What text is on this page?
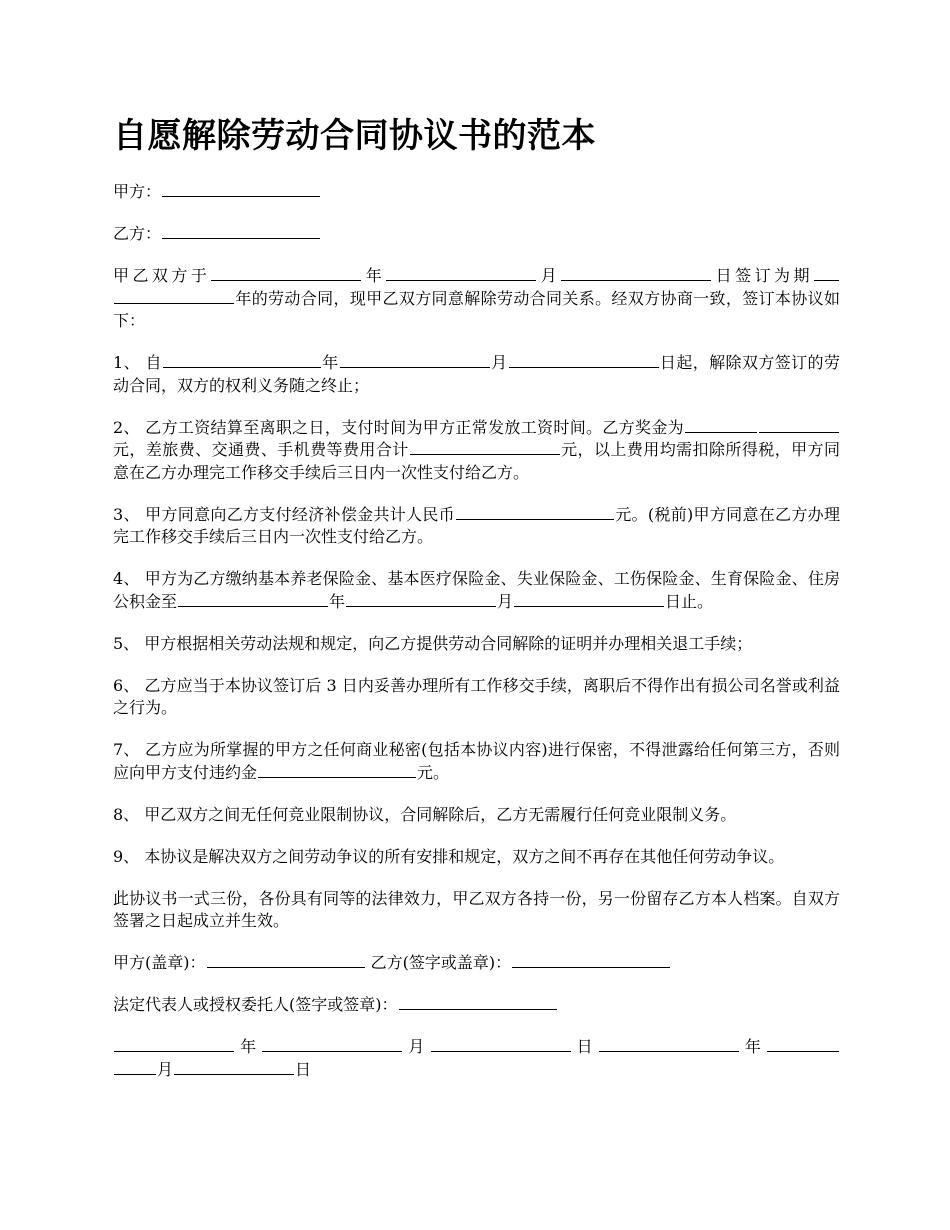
自愿解除劳动合同协议书的范本

甲方：

乙方：

甲乙双方于	年	月	日签订为期年的劳动合同，现甲乙双方同意解除劳动合同关系。经双方协商一致，签订本协议如下：

1、 自	年	月	日起，解除双方签订的劳动合同，双方的权利义务随之终止；

2、 乙方工资结算至离职之日，支付时间为甲方正常发放工资时间。乙方奖金为元，差旅费、交通费、手机费等费用合计	元，以上费用均需扣除所得税，甲方同意在乙方办理完工作移交手续后三日内一次性支付给乙方。

3、 甲方同意向乙方支付经济补偿金共计人民币	元。(税前)甲方同意在乙方办理完工作移交手续后三日内一次性支付给乙方。

4、 甲方为乙方缴纳基本养老保险金、基本医疗保险金、失业保险金、工伤保险金、生育保险金、住房公积金至	年	月	日止。

5、 甲方根据相关劳动法规和规定，向乙方提供劳动合同解除的证明并办理相关退工手续；

6、 乙方应当于本协议签订后 3 日内妥善办理所有工作移交手续，离职后不得作出有损公司名誉或利益之行为。

7、 乙方应为所掌握的甲方之任何商业秘密(包括本协议内容)进行保密，不得泄露给任何第三方，否则应向甲方支付违约金	元。

8、 甲乙双方之间无任何竞业限制协议，合同解除后，乙方无需履行任何竞业限制义务。

9、 本协议是解决双方之间劳动争议的所有安排和规定，双方之间不再存在其他任何劳动争议。

此协议书一式三份，各份具有同等的法律效力，甲乙双方各持一份，另一份留存乙方本人档案。自双方签署之日起成立并生效。

甲方(盖章)：	乙方(签字或盖章)：

法定代表人或授权委托人(签字或签章)：

年	月	日	年月	日
